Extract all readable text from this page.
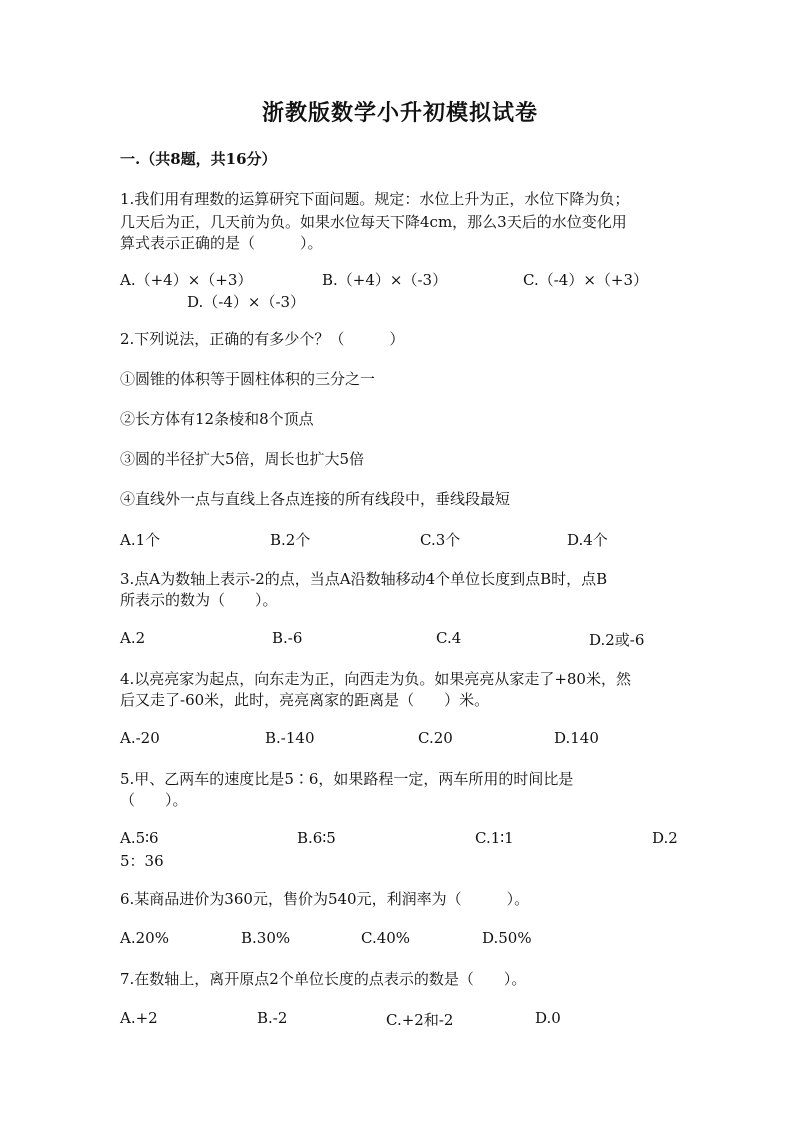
浙教版数学小升初模拟试卷
一.（共8题，共16分）
1.我们用有理数的运算研究下面问题。规定：水位上升为正，水位下降为负；
几天后为正，几天前为负。如果水位每天下降4cm，那么3天后的水位变化用
算式表示正确的是（　　　）。
A.（+4）×（+3）	B.（+4）×（-3）	C.（-4）×（+3）
D.（-4）×（-3）
2.下列说法，正确的有多少个？（　　　）
①圆锥的体积等于圆柱体积的三分之一
②长方体有12条棱和8个顶点
③圆的半径扩大5倍，周长也扩大5倍
④直线外一点与直线上各点连接的所有线段中，垂线段最短
A.1个	B.2个	C.3个	D.4个
3.点A为数轴上表示-2的点，当点A沿数轴移动4个单位长度到点B时，点B
所表示的数为（　　）。
A.2	B.-6	C.4	D.2或-6
4.以亮亮家为起点，向东走为正，向西走为负。如果亮亮从家走了+80米，然
后又走了-60米，此时，亮亮离家的距离是（　　）米。
A.-20	B.-140	C.20	D.140
5.甲、乙两车的速度比是5∶6，如果路程一定，两车所用的时间比是
（　　）。
A.5∶6	B.6∶5	C.1∶1	D.2
5：36
6.某商品进价为360元，售价为540元，利润率为（　　　）。
A.20%	B.30%	C.40%	D.50%
7.在数轴上，离开原点2个单位长度的点表示的数是（　　）。
A.+2	B.-2	C.+2和-2	D.0
